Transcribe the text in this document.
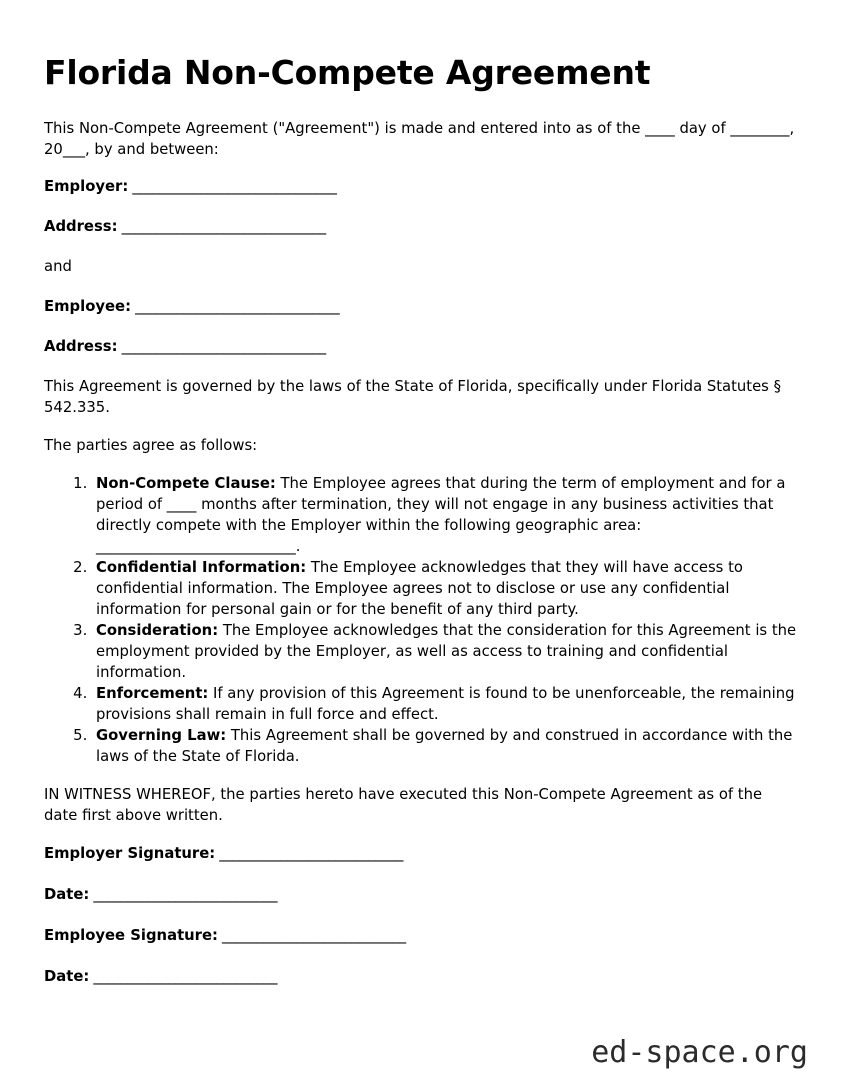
Florida Non-Compete Agreement

This Non-Compete Agreement ("Agreement") is made and entered into as of the ____ day of ________, 20___, by and between:

Employer: ______________________________
Address: ______________________________
and
Employee: ______________________________
Address: ______________________________

This Agreement is governed by the laws of the State of Florida, specifically under Florida Statutes § 542.335.

The parties agree as follows:

1. Non-Compete Clause: The Employee agrees that during the term of employment and for a period of ____ months after termination, they will not engage in any business activities that directly compete with the Employer within the following geographic area: ___________________________.
2. Confidential Information: The Employee acknowledges that they will have access to confidential information. The Employee agrees not to disclose or use any confidential information for personal gain or for the benefit of any third party.
3. Consideration: The Employee acknowledges that the consideration for this Agreement is the employment provided by the Employer, as well as access to training and confidential information.
4. Enforcement: If any provision of this Agreement is found to be unenforceable, the remaining provisions shall remain in full force and effect.
5. Governing Law: This Agreement shall be governed by and construed in accordance with the laws of the State of Florida.

IN WITNESS WHEREOF, the parties hereto have executed this Non-Compete Agreement as of the date first above written.

Employer Signature: ___________________________
Date: ___________________________
Employee Signature: ___________________________
Date: ___________________________
ed-space.org
